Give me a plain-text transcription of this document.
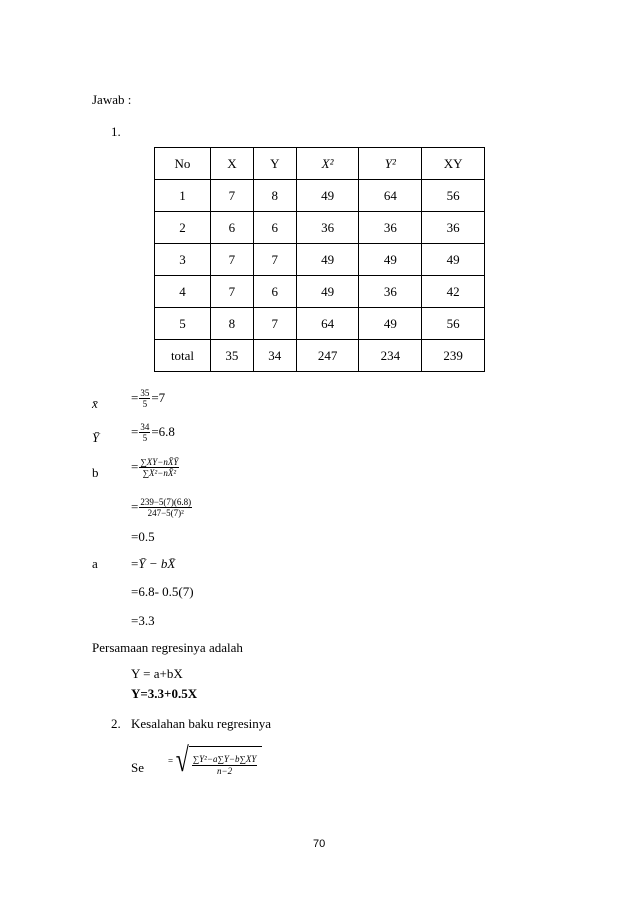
Jawab :
1.
No	X	Y	X²	Y²	XY
1	7	8	49	64	56
2	6	6	36	36	36
3	7	7	49	49	49
4	7	6	49	36	42
5	8	7	64	49	56
total	35	34	247	234	239
x̄	= $\frac{35}{5} =7$
Ȳ = $\frac{34}{5} =6.8$
b	= $\frac{\sum XY-nX̄Ȳ}{\text{∑X²−nX̄²}}$
= $\frac{239-5(7)(6.8)}{\text{247−5(7)²}}$
=0.5
a	=Ȳ − bX̄
=6.8- 0.5(7)
=3.3
Persamaan regresinya adalah
Y = a+bX
Y=3.3+0.5X
2. Kesalahan baku regresinya
Se	= √ $\frac{\text{∑Y²−a∑Y−b∑XY}}{n-2}$
70
